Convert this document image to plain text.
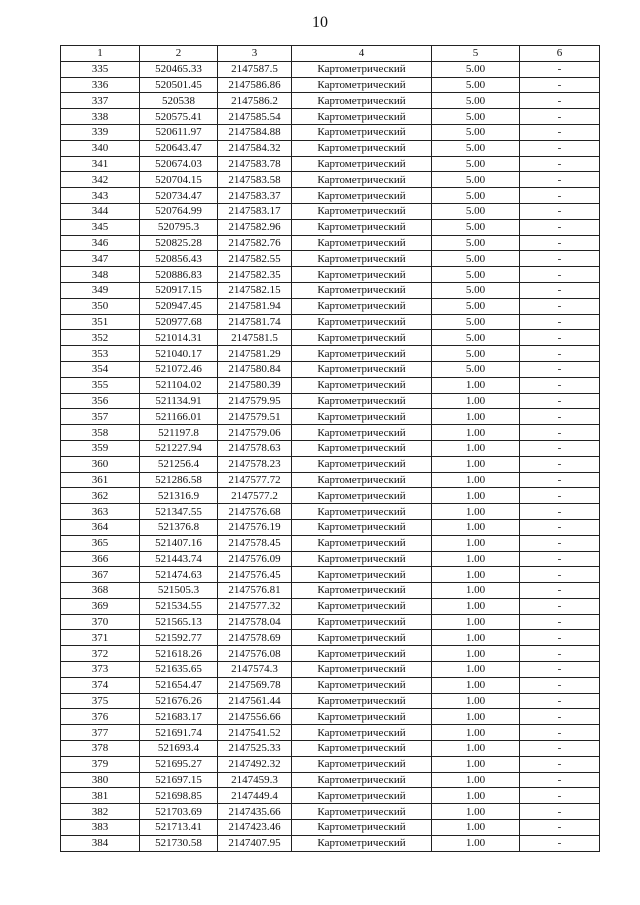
10
1	2	3	4	5	6
335	520465.33	2147587.5	Картометрический	5.00	-
336	520501.45	2147586.86	Картометрический	5.00	-
337	520538	2147586.2	Картометрический	5.00	-
338	520575.41	2147585.54	Картометрический	5.00	-
339	520611.97	2147584.88	Картометрический	5.00	-
340	520643.47	2147584.32	Картометрический	5.00	-
341	520674.03	2147583.78	Картометрический	5.00	-
342	520704.15	2147583.58	Картометрический	5.00	-
343	520734.47	2147583.37	Картометрический	5.00	-
344	520764.99	2147583.17	Картометрический	5.00	-
345	520795.3	2147582.96	Картометрический	5.00	-
346	520825.28	2147582.76	Картометрический	5.00	-
347	520856.43	2147582.55	Картометрический	5.00	-
348	520886.83	2147582.35	Картометрический	5.00	-
349	520917.15	2147582.15	Картометрический	5.00	-
350	520947.45	2147581.94	Картометрический	5.00	-
351	520977.68	2147581.74	Картометрический	5.00	-
352	521014.31	2147581.5	Картометрический	5.00	-
353	521040.17	2147581.29	Картометрический	5.00	-
354	521072.46	2147580.84	Картометрический	5.00	-
355	521104.02	2147580.39	Картометрический	1.00	-
356	521134.91	2147579.95	Картометрический	1.00	-
357	521166.01	2147579.51	Картометрический	1.00	-
358	521197.8	2147579.06	Картометрический	1.00	-
359	521227.94	2147578.63	Картометрический	1.00	-
360	521256.4	2147578.23	Картометрический	1.00	-
361	521286.58	2147577.72	Картометрический	1.00	-
362	521316.9	2147577.2	Картометрический	1.00	-
363	521347.55	2147576.68	Картометрический	1.00	-
364	521376.8	2147576.19	Картометрический	1.00	-
365	521407.16	2147578.45	Картометрический	1.00	-
366	521443.74	2147576.09	Картометрический	1.00	-
367	521474.63	2147576.45	Картометрический	1.00	-
368	521505.3	2147576.81	Картометрический	1.00	-
369	521534.55	2147577.32	Картометрический	1.00	-
370	521565.13	2147578.04	Картометрический	1.00	-
371	521592.77	2147578.69	Картометрический	1.00	-
372	521618.26	2147576.08	Картометрический	1.00	-
373	521635.65	2147574.3	Картометрический	1.00	-
374	521654.47	2147569.78	Картометрический	1.00	-
375	521676.26	2147561.44	Картометрический	1.00	-
376	521683.17	2147556.66	Картометрический	1.00	-
377	521691.74	2147541.52	Картометрический	1.00	-
378	521693.4	2147525.33	Картометрический	1.00	-
379	521695.27	2147492.32	Картометрический	1.00	-
380	521697.15	2147459.3	Картометрический	1.00	-
381	521698.85	2147449.4	Картометрический	1.00	-
382	521703.69	2147435.66	Картометрический	1.00	-
383	521713.41	2147423.46	Картометрический	1.00	-
384	521730.58	2147407.95	Картометрический	1.00	-
